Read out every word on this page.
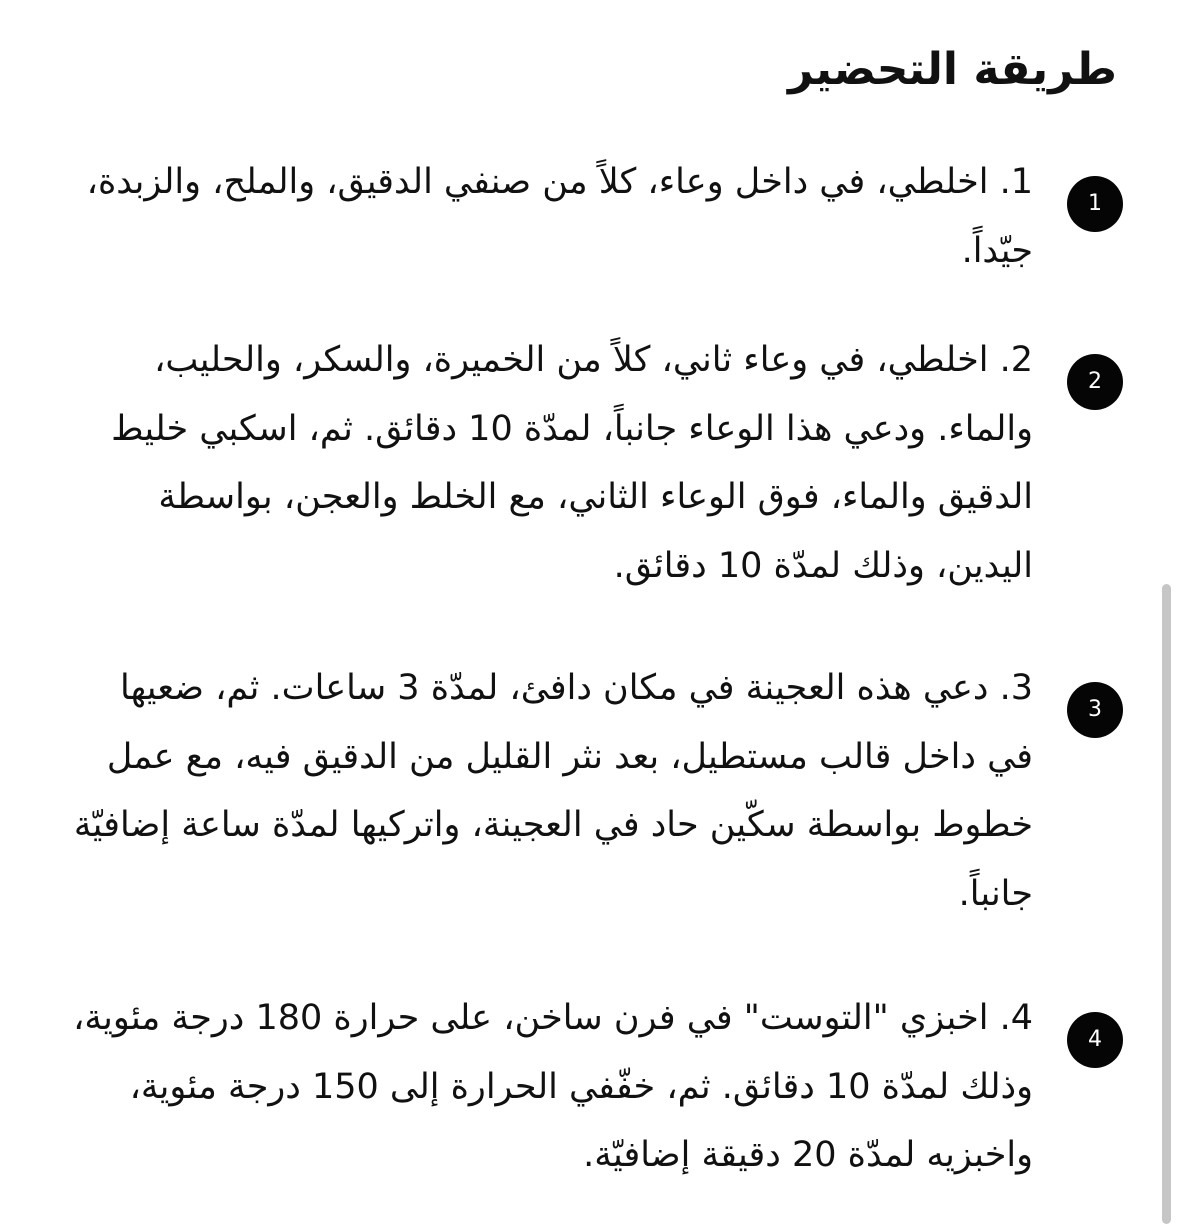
طريقة التحضير
1

1. اخلطي، في داخل وعاء، كلاً من صنفي الدقيق، والملح، والزبدة، جيّداً.

2

2. اخلطي، في وعاء ثاني، كلاً من الخميرة، والسكر، والحليب، والماء. ودعي هذا الوعاء جانباً، لمدّة 10 دقائق. ثم، اسكبي خليط الدقيق والماء، فوق الوعاء الثاني، مع الخلط والعجن، بواسطة اليدين، وذلك لمدّة 10 دقائق.

3

3. دعي هذه العجينة في مكان دافئ، لمدّة 3 ساعات. ثم، ضعيها في داخل قالب مستطيل، بعد نثر القليل من الدقيق فيه، مع عمل خطوط بواسطة سكّين حاد في العجينة، واتركيها لمدّة ساعة إضافيّة جانباً.

4

4. اخبزي "التوست" في فرن ساخن، على حرارة 180 درجة مئوية، وذلك لمدّة 10 دقائق. ثم، خفّفي الحرارة إلى 150 درجة مئوية، واخبزيه لمدّة 20 دقيقة إضافيّة.
